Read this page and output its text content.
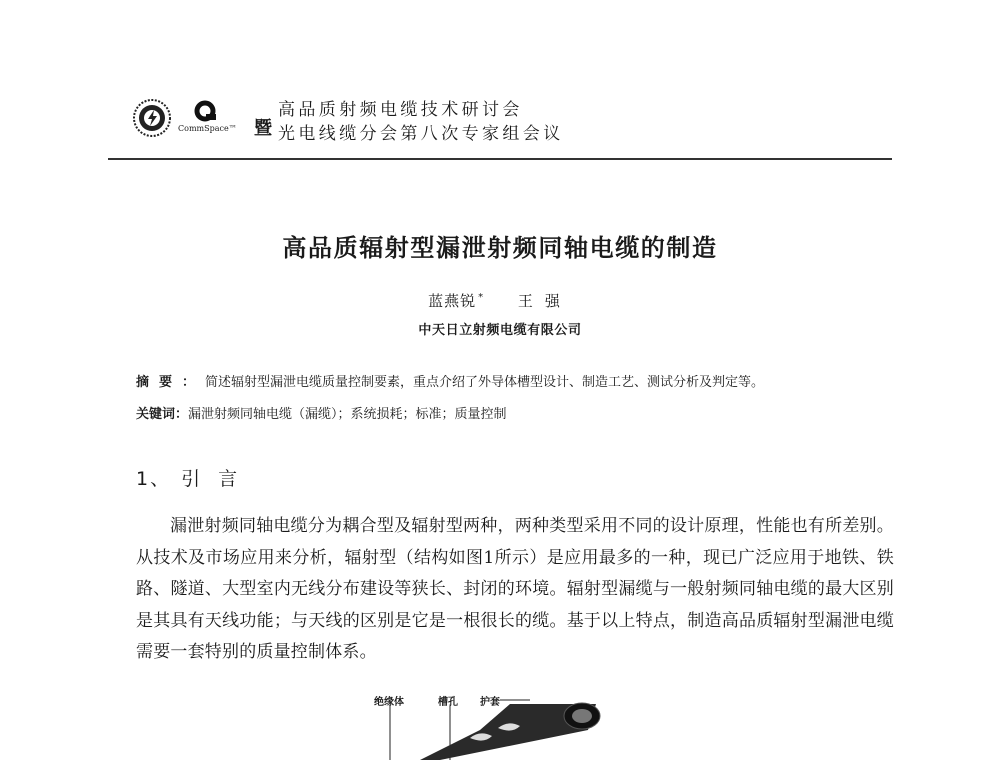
CommSpace™ 暨
高品质射频电缆技术研讨会
光电线缆分会第八次专家组会议
高品质辐射型漏泄射频同轴电缆的制造
蓝燕锐 * 王强
中天日立射频电缆有限公司
摘要：简述辐射型漏泄电缆质量控制要素，重点介绍了外导体槽型设计、制造工艺、测试分析及判定等。
关键词：漏泄射频同轴电缆（漏缆）；系统损耗；标准；质量控制
1、 引言
漏泄射频同轴电缆分为耦合型及辐射型两种，两种类型采用不同的设计原理，性能也有所差别。从技术及市场应用来分析，辐射型（结构如图1所示）是应用最多的一种，现已广泛应用于地铁、铁路、隧道、大型室内无线分布建设等狭长、封闭的环境。辐射型漏缆与一般射频同轴电缆的最大区别是其具有天线功能；与天线的区别是它是一根很长的缆。基于以上特点，制造高品质辐射型漏泄电缆需要一套特别的质量控制体系。
绝缘体	槽孔 护套
